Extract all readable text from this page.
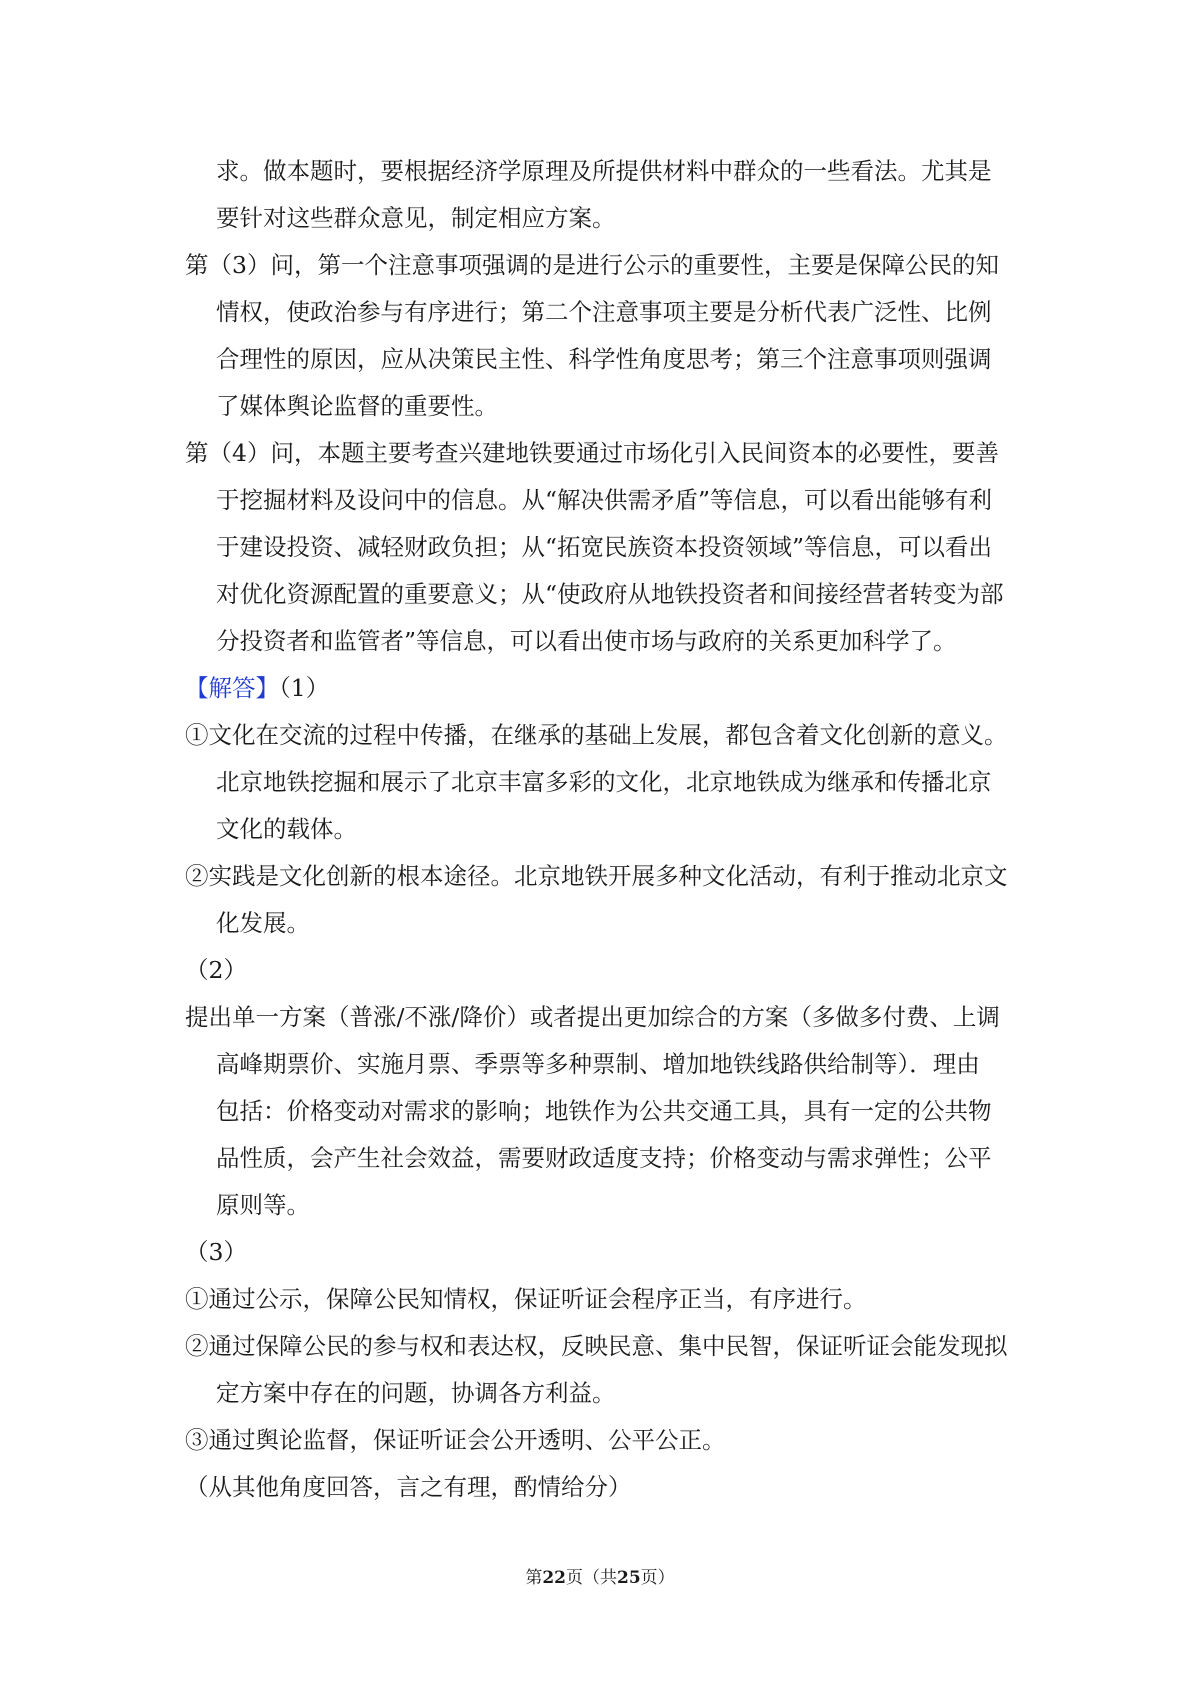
求。做本题时，要根据经济学原理及所提供材料中群众的一些看法。尤其是
要针对这些群众意见，制定相应方案。
第（3）问，第一个注意事项强调的是进行公示的重要性，主要是保障公民的知
情权，使政治参与有序进行；第二个注意事项主要是分析代表广泛性、比例
合理性的原因，应从决策民主性、科学性角度思考；第三个注意事项则强调
了媒体舆论监督的重要性。
第（4）问，本题主要考查兴建地铁要通过市场化引入民间资本的必要性，要善
于挖掘材料及设问中的信息。从“解决供需矛盾”等信息，可以看出能够有利
于建设投资、减轻财政负担；从“拓宽民族资本投资领域”等信息，可以看出
对优化资源配置的重要意义；从“使政府从地铁投资者和间接经营者转变为部
分投资者和监管者”等信息，可以看出使市场与政府的关系更加科学了。
【解答】（1）
①文化在交流的过程中传播，在继承的基础上发展，都包含着文化创新的意义。
北京地铁挖掘和展示了北京丰富多彩的文化，北京地铁成为继承和传播北京
文化的载体。
②实践是文化创新的根本途径。北京地铁开展多种文化活动，有利于推动北京文
化发展。
（2）
提出单一方案（普涨/不涨/降价）或者提出更加综合的方案（多做多付费、上调
高峰期票价、实施月票、季票等多种票制、增加地铁线路供给制等）．理由
包括：价格变动对需求的影响；地铁作为公共交通工具，具有一定的公共物
品性质，会产生社会效益，需要财政适度支持；价格变动与需求弹性；公平
原则等。
（3）
①通过公示，保障公民知情权，保证听证会程序正当，有序进行。
②通过保障公民的参与权和表达权，反映民意、集中民智，保证听证会能发现拟
定方案中存在的问题，协调各方利益。
③通过舆论监督，保证听证会公开透明、公平公正。
（从其他角度回答，言之有理，酌情给分）
第22页（共25页）
